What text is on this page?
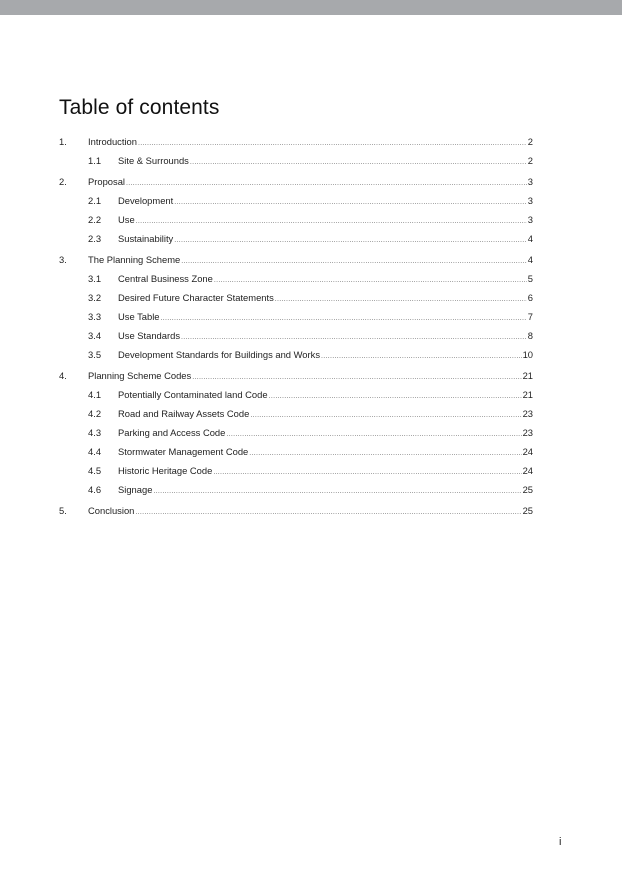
Table of contents
1.	Introduction .....	2
1.1	Site & Surrounds .....	2
2.	Proposal .....	3
2.1	Development .....	3
2.2	Use .....	3
2.3	Sustainability .....	4
3.	The Planning Scheme .....	4
3.1	Central Business Zone .....	5
3.2	Desired Future Character Statements .....	6
3.3	Use Table .....	7
3.4	Use Standards .....	8
3.5	Development Standards for Buildings and Works .....	10
4.	Planning Scheme Codes .....	21
4.1	Potentially Contaminated land Code .....	21
4.2	Road and Railway Assets Code .....	23
4.3	Parking and Access Code .....	23
4.4	Stormwater Management Code .....	24
4.5	Historic Heritage Code .....	24
4.6	Signage .....	25
5.	Conclusion .....	25
i
